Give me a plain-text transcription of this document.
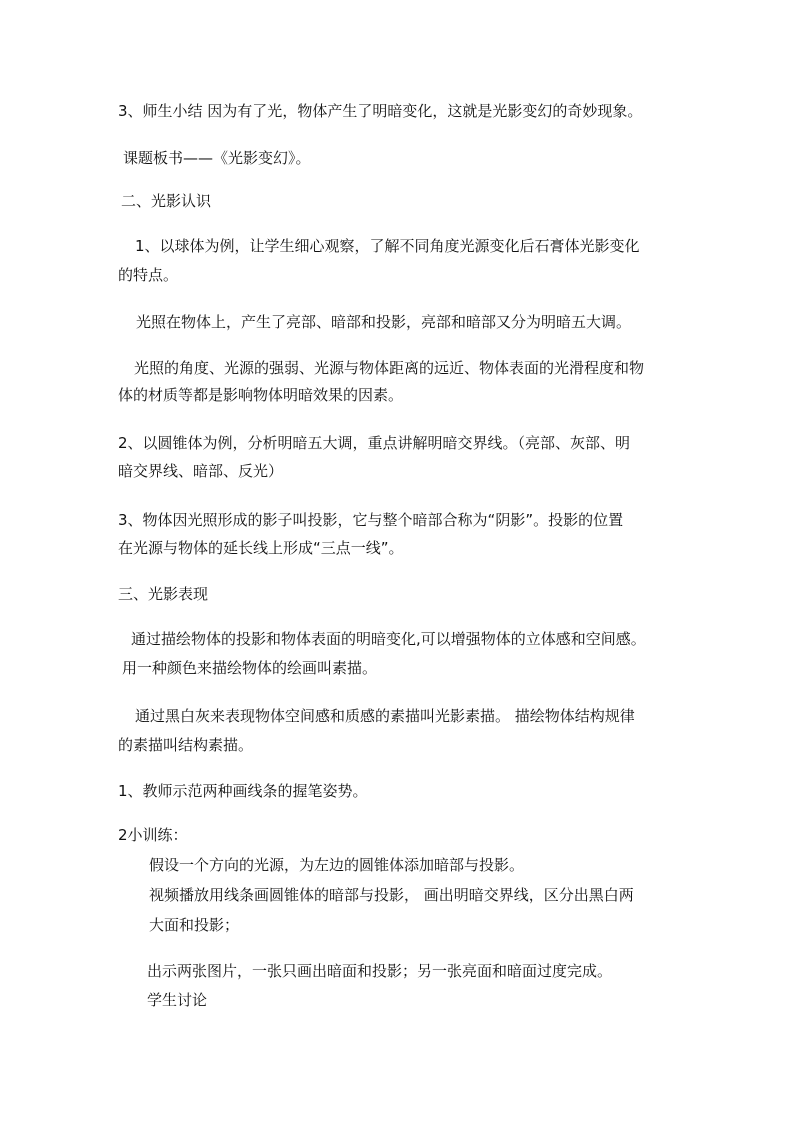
3、师生小结 因为有了光，物体产生了明暗变化，这就是光影变幻的奇妙现象。
课题板书——《光影变幻》。
二、光影认识
1、以球体为例，让学生细心观察，了解不同角度光源变化后石膏体光影变化
的特点。
光照在物体上，产生了亮部、暗部和投影，亮部和暗部又分为明暗五大调。
光照的角度、光源的强弱、光源与物体距离的远近、物体表面的光滑程度和物
体的材质等都是影响物体明暗效果的因素。
2、以圆锥体为例，分析明暗五大调，重点讲解明暗交界线。（亮部、灰部、明
暗交界线、暗部、反光）
3、物体因光照形成的影子叫投影，它与整个暗部合称为“阴影”。投影的位置
在光源与物体的延长线上形成“三点一线”。
三、光影表现
通过描绘物体的投影和物体表面的明暗变化,可以增强物体的立体感和空间感。
用一种颜色来描绘物体的绘画叫素描。
通过黑白灰来表现物体空间感和质感的素描叫光影素描。 描绘物体结构规律
的素描叫结构素描。
1、教师示范两种画线条的握笔姿势。
2小训练：
假设一个方向的光源，为左边的圆锥体添加暗部与投影。
视频播放用线条画圆锥体的暗部与投影， 画出明暗交界线，区分出黑白两
大面和投影；
出示两张图片，一张只画出暗面和投影；另一张亮面和暗面过度完成。
学生讨论
